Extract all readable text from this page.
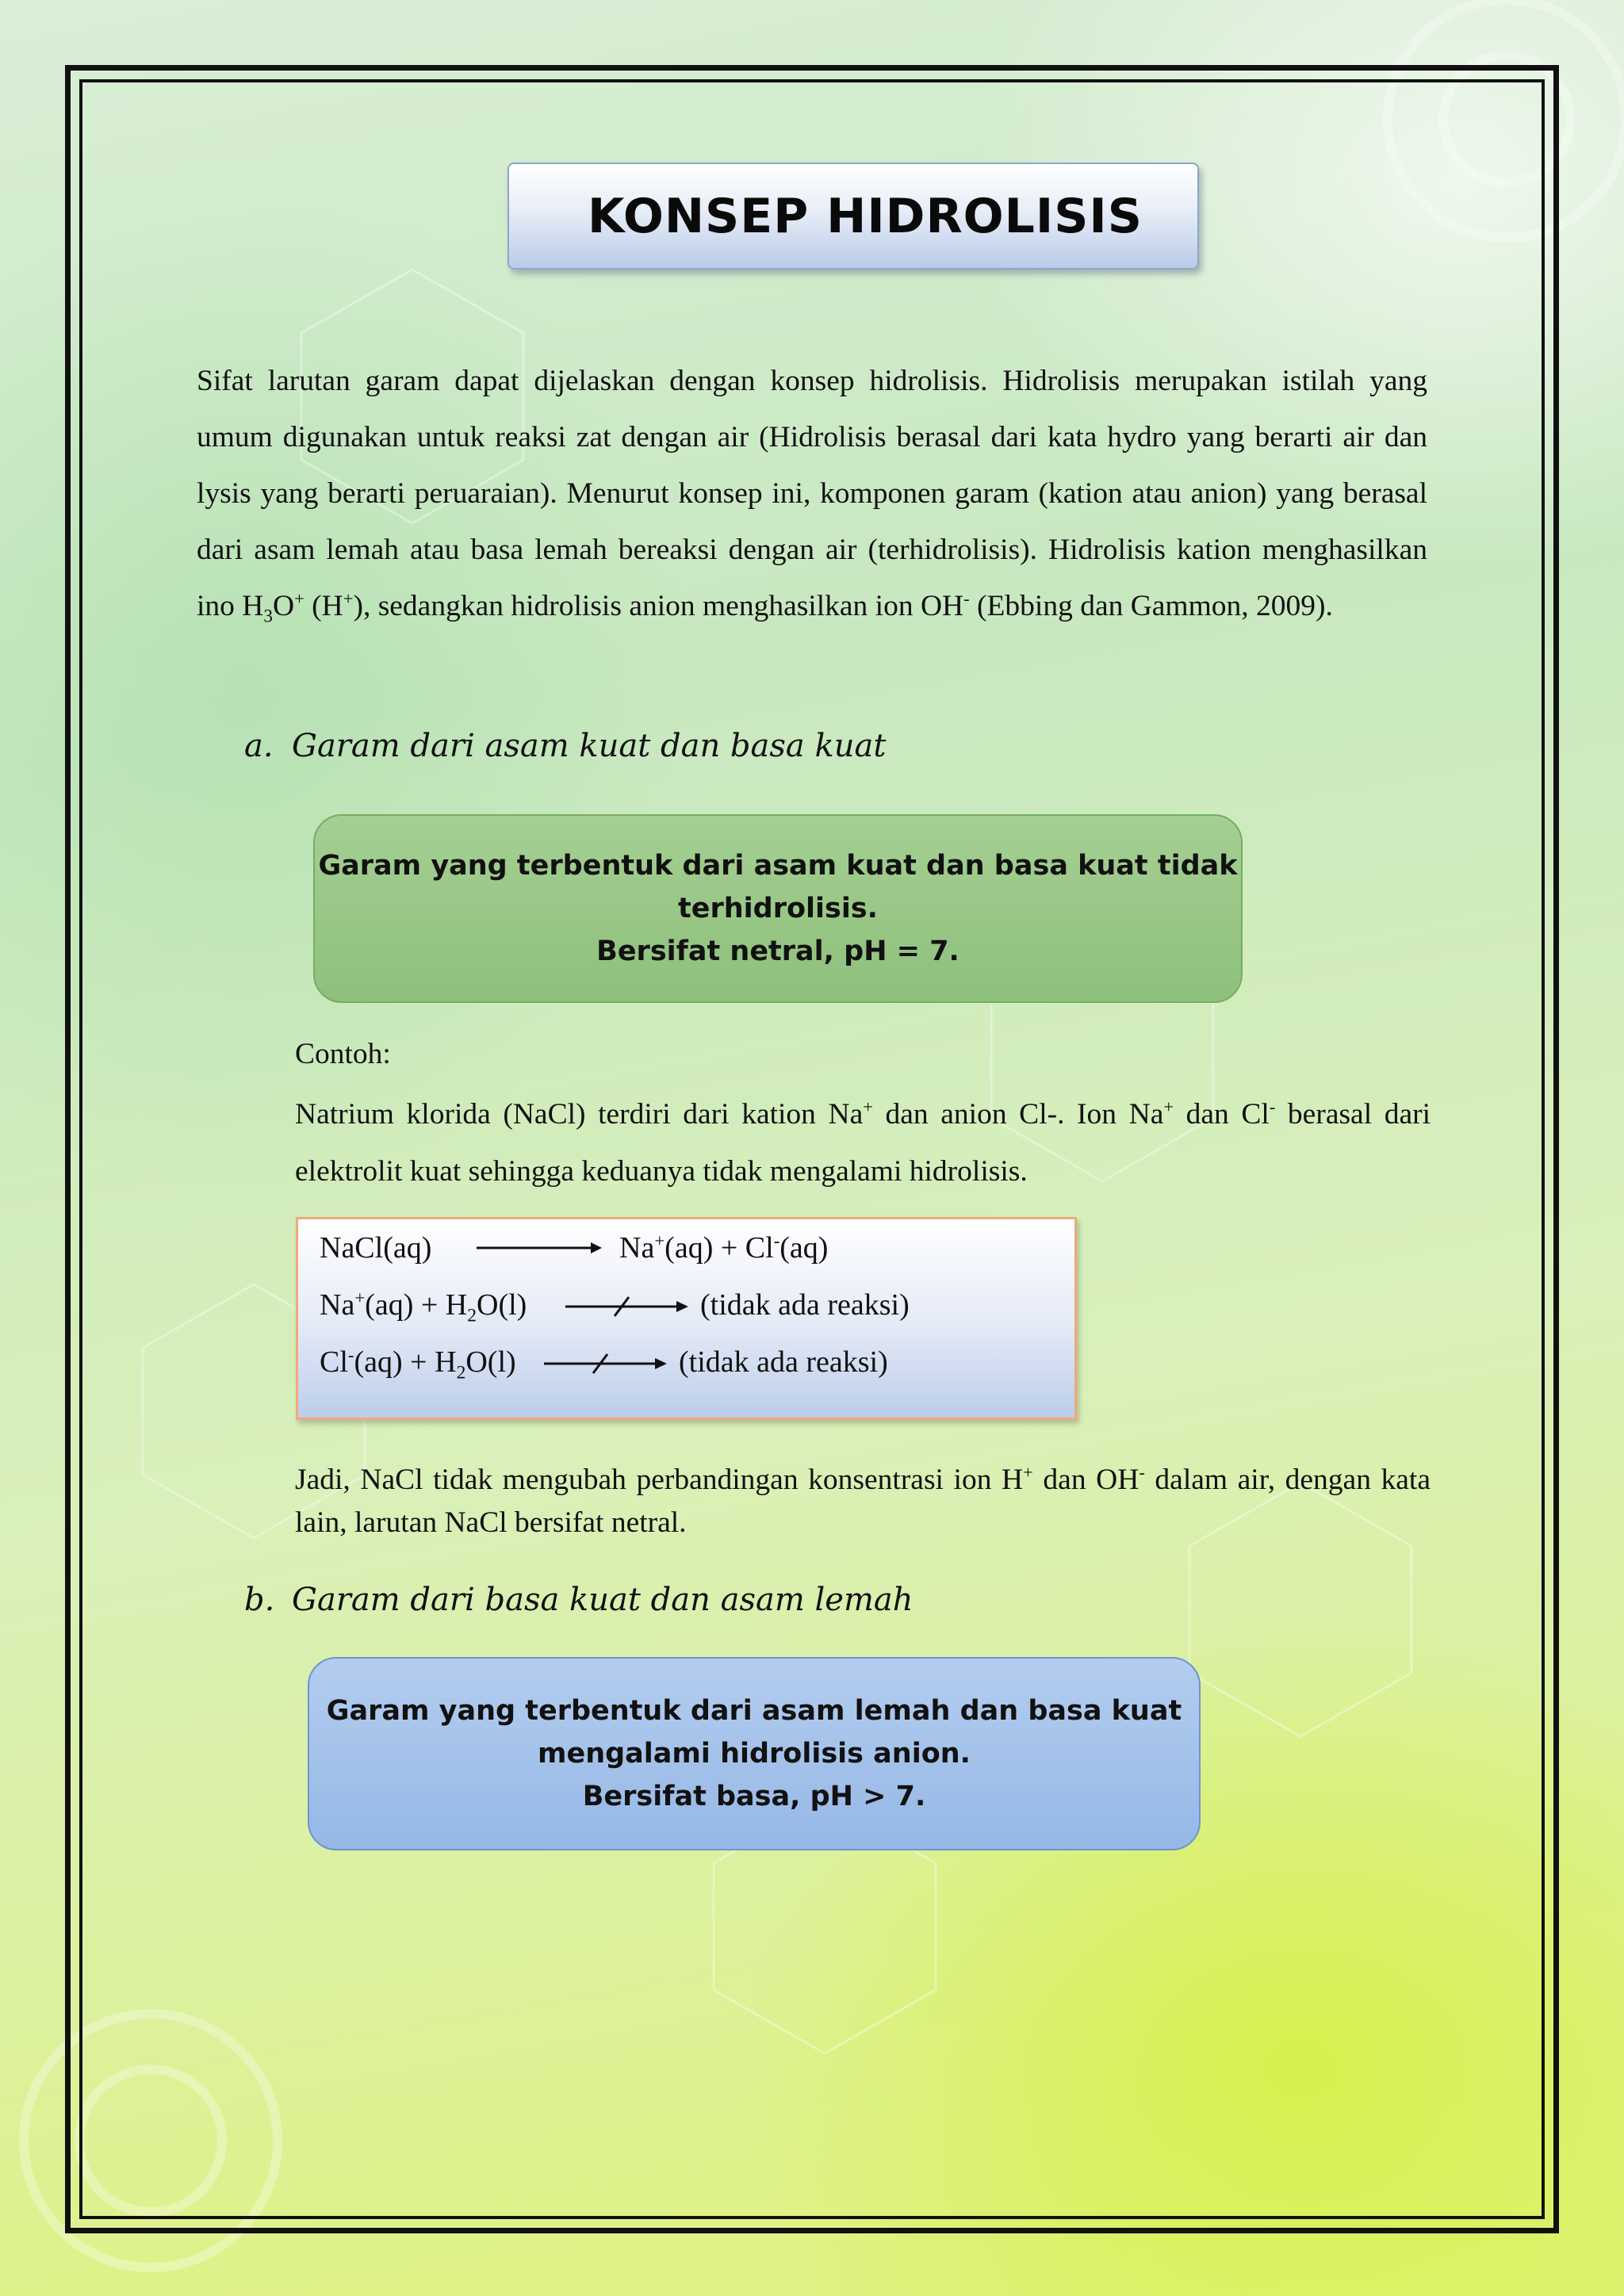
KONSEP HIDROLISIS
Sifat larutan garam dapat dijelaskan dengan konsep hidrolisis. Hidrolisis merupakan istilah yang umum digunakan untuk reaksi zat dengan air (Hidrolisis berasal dari kata hydro yang berarti air dan lysis yang berarti peruaraian). Menurut konsep ini, komponen garam (kation atau anion) yang berasal dari asam lemah atau basa lemah bereaksi dengan air (terhidrolisis). Hidrolisis kation menghasilkan ino $H_3O^+$ (H+), sedangkan hidrolisis anion menghasilkan ion OH- (Ebbing dan Gammon, 2009).
a. Garam dari asam kuat dan basa kuat
Garam yang terbentuk dari asam kuat dan basa kuat tidak
terhidrolisis.
Bersifat netral, pH = 7.
Contoh:
Natrium klorida (NaCl) terdiri dari kation Na+ dan anion Cl-. Ion Na+ dan Cl- berasal dari elektrolit kuat sehingga keduanya tidak mengalami hidrolisis.
NaCl(aq)	Na+(aq) + Cl-(aq)
$Na^+(aq) + H_2O(l)$	(tidak ada reaksi)
$Cl^-(aq) + H_2O(l)$	(tidak ada reaksi)
Jadi, NaCl tidak mengubah perbandingan konsentrasi ion H+ dan OH- dalam air, dengan kata lain, larutan NaCl bersifat netral.
b. Garam dari basa kuat dan asam lemah
Garam yang terbentuk dari asam lemah dan basa kuat
mengalami hidrolisis anion.
Bersifat basa, pH > 7.
